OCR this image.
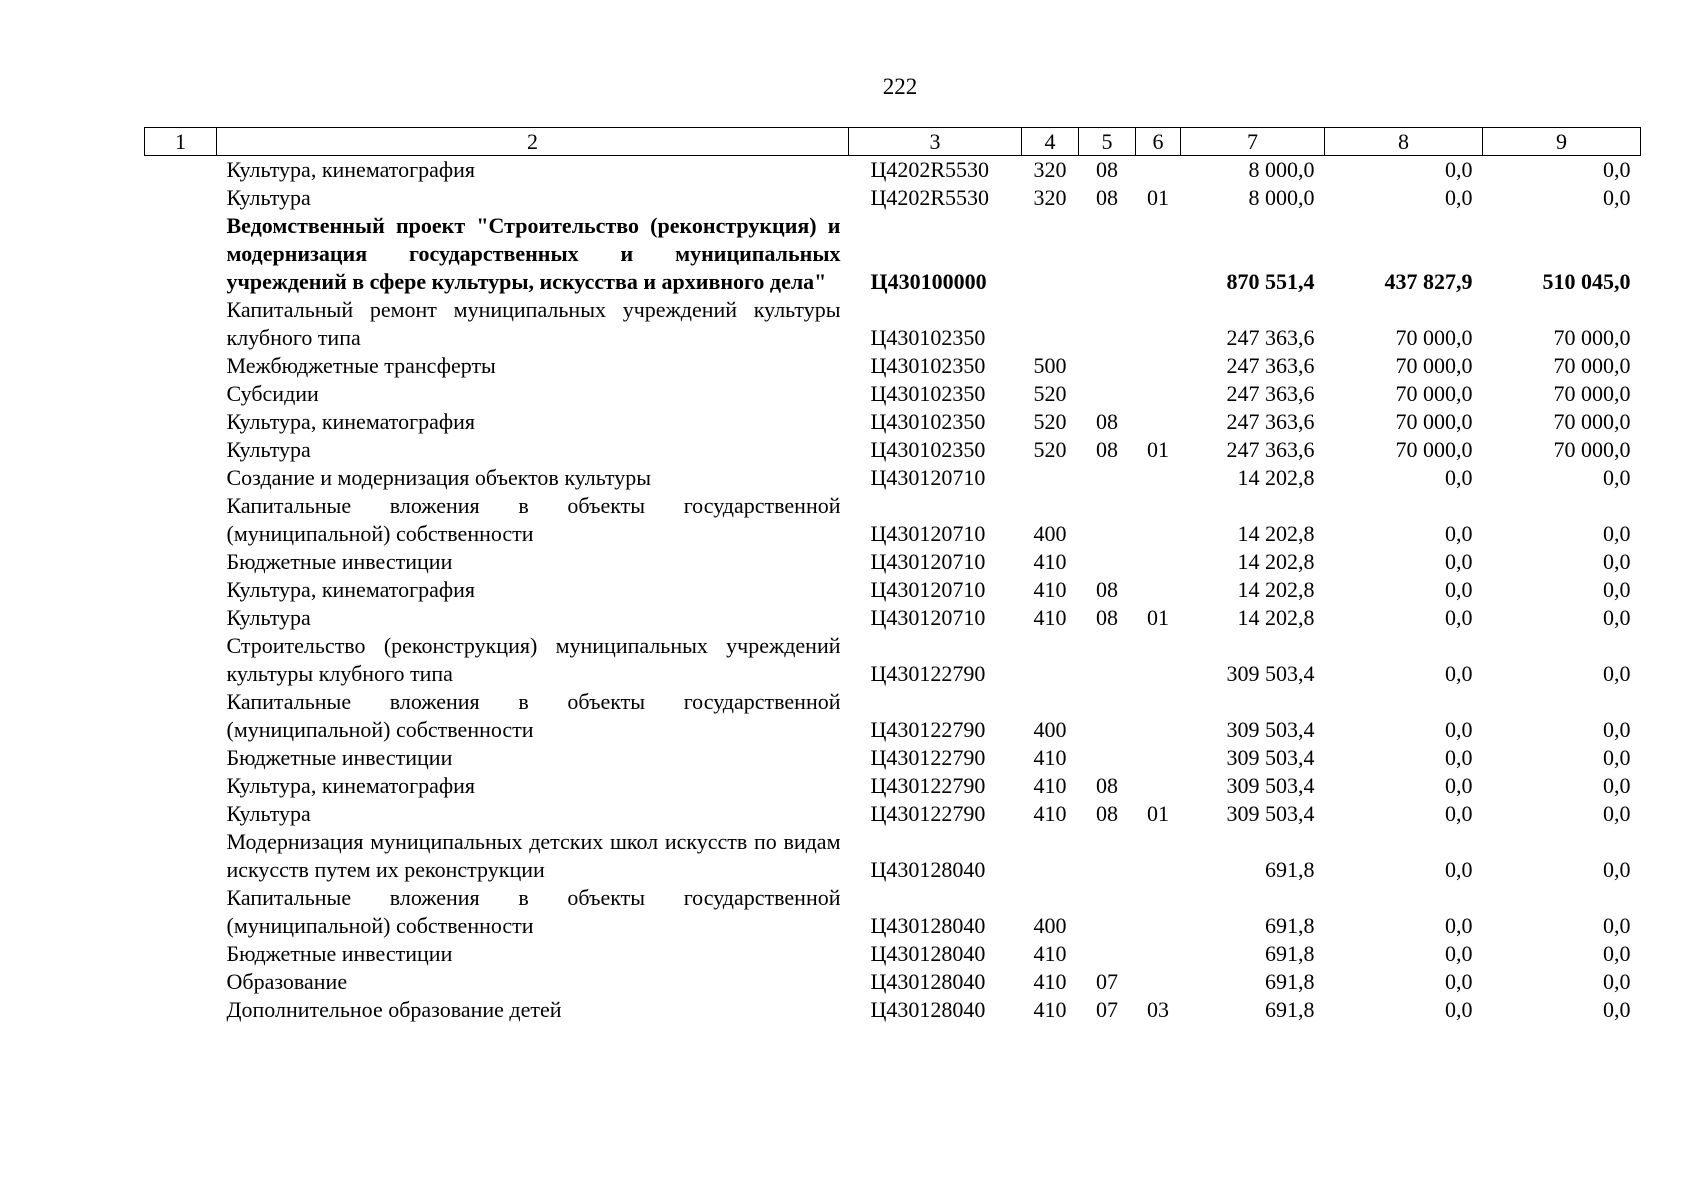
222
1	2	3	4	5	6	7	8	9
	Культура, кинематография	Ц4202R5530	320	08		8 000,0	0,0	0,0
	Культура	Ц4202R5530	320	08	01	8 000,0	0,0	0,0
	Ведомственный проект "Строительство (реконструкция) и модернизация государственных и муниципальных учреждений в сфере культуры, искусства и архивного дела"	Ц430100000				870 551,4	437 827,9	510 045,0
	Капитальный ремонт муниципальных учреждений культуры клубного типа	Ц430102350				247 363,6	70 000,0	70 000,0
	Межбюджетные трансферты	Ц430102350	500			247 363,6	70 000,0	70 000,0
	Субсидии	Ц430102350	520			247 363,6	70 000,0	70 000,0
	Культура, кинематография	Ц430102350	520	08		247 363,6	70 000,0	70 000,0
	Культура	Ц430102350	520	08	01	247 363,6	70 000,0	70 000,0
	Создание и модернизация объектов культуры	Ц430120710				14 202,8	0,0	0,0
	Капитальные вложения в объекты государственной (муниципальной) собственности	Ц430120710	400			14 202,8	0,0	0,0
	Бюджетные инвестиции	Ц430120710	410			14 202,8	0,0	0,0
	Культура, кинематография	Ц430120710	410	08		14 202,8	0,0	0,0
	Культура	Ц430120710	410	08	01	14 202,8	0,0	0,0
	Строительство (реконструкция) муниципальных учреждений культуры клубного типа	Ц430122790				309 503,4	0,0	0,0
	Капитальные вложения в объекты государственной (муниципальной) собственности	Ц430122790	400			309 503,4	0,0	0,0
	Бюджетные инвестиции	Ц430122790	410			309 503,4	0,0	0,0
	Культура, кинематография	Ц430122790	410	08		309 503,4	0,0	0,0
	Культура	Ц430122790	410	08	01	309 503,4	0,0	0,0
	Модернизация муниципальных детских школ искусств по видам искусств путем их реконструкции	Ц430128040				691,8	0,0	0,0
	Капитальные вложения в объекты государственной (муниципальной) собственности	Ц430128040	400			691,8	0,0	0,0
	Бюджетные инвестиции	Ц430128040	410			691,8	0,0	0,0
	Образование	Ц430128040	410	07		691,8	0,0	0,0
	Дополнительное образование детей	Ц430128040	410	07	03	691,8	0,0	0,0
